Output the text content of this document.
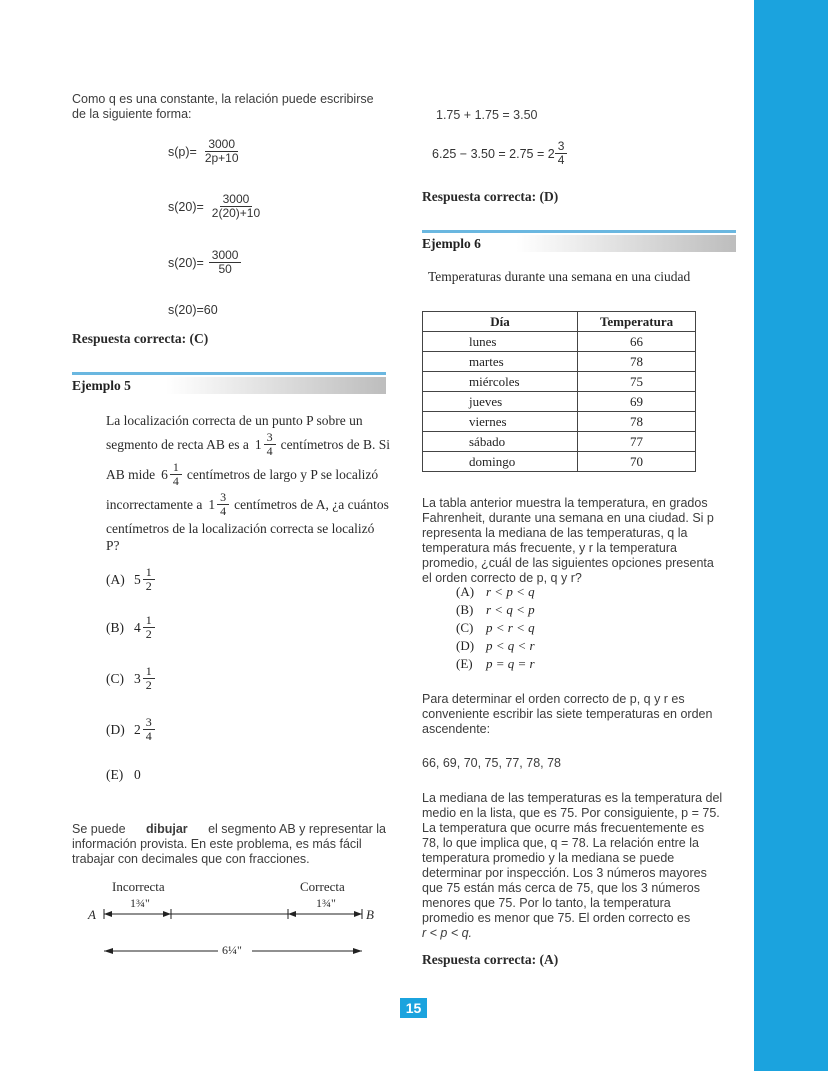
Como q es una constante, la relación puede escribirse
de la siguiente forma:
$s(p)= \frac{3000}{2p+10}$
$s(20)= \frac{3000}{2(20)+10}$
$s(20)= \frac{3000}{50}$
s(20)=60
Respuesta correcta: (C)
Ejemplo 5
La localización correcta de un punto P sobre un
segmento de recta AB es a $1 \frac{3}{4}$ centímetros de B. Si
AB mide $6 \frac{1}{4}$ centímetros de largo y P se localizó
incorrectamente a $1 \frac{3}{4}$ centímetros de A, ¿a cuántos
centímetros de la localización correcta se localizó
P?
(A) $5 \frac{1}{2}$
(B) $4 \frac{1}{2}$
(C) $3 \frac{1}{2}$
(D) $2 \frac{3}{4}$
(E) 0
Se puede dibujar el segmento AB y representar la
información provista. En este problema, es más fácil
trabajar con decimales que con fracciones.
Incorrecta	Correcta
A	B
1¾"	1¾"
6¼"
1.75 + 1.75 = 3.50
$6.25 - 3.50 = 2.75 = 2 \frac{3}{4}$
Respuesta correcta: (D)
Ejemplo 6
Temperaturas durante una semana en una ciudad
Día	Temperatura
lunes	66
martes	78
miércoles	75
jueves	69
viernes	78
sábado	77
domingo	70
La tabla anterior muestra la temperatura, en grados
Fahrenheit, durante una semana en una ciudad. Si p
representa la mediana de las temperaturas, q la
temperatura más frecuente, y r la temperatura
promedio, ¿cuál de las siguientes opciones presenta
el orden correcto de p, q y r?
(A) r < p < q
(B) r < q < p
(C) p < r < q
(D) p < q < r
(E)	p = q = r
Para determinar el orden correcto de p, q y r es
conveniente escribir las siete temperaturas en orden
ascendente:
66, 69, 70, 75, 77, 78, 78
La mediana de las temperaturas es la temperatura del
medio en la lista, que es 75. Por consiguiente, p = 75.
La temperatura que ocurre más frecuentemente es
78, lo que implica que, q = 78. La relación entre la
temperatura promedio y la mediana se puede
determinar por inspección. Los 3 números mayores
que 75 están más cerca de 75, que los 3 números
menores que 75. Por lo tanto, la temperatura
promedio es menor que 75. El orden correcto es
r < p < q.
Respuesta correcta: (A)
15
